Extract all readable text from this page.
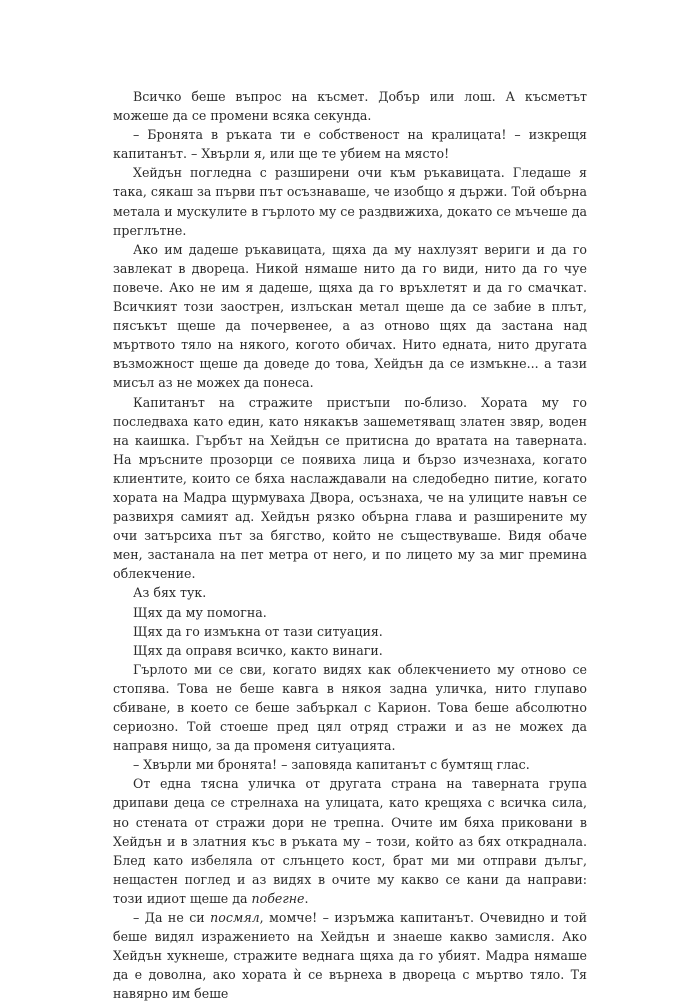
Всичко беше въпрос на късмет. Добър или лош. А късметът можеше да се промени всяка секунда.

– Бронята в ръката ти е собственост на кралицата! – изкрещя капитанът. – Хвърли я, или ще те убием на място!

Хейдън погледна с разширени очи към ръкавицата. Гледаше я така, сякаш за първи път осъзнаваше, че изобщо я държи. Той обърна метала и мускулите в гърлото му се раздвижиха, докато се мъчеше да преглътне.

Ако им дадеше ръкавицата, щяха да му нахлузят вериги и да го завлекат в двореца. Никой нямаше нито да го види, нито да го чуе повече. Ако не им я дадеше, щяха да го връхлетят и да го смачкат. Всичкият този заострен, излъскан метал щеше да се забие в плът, пясъкът щеше да почервенее, а аз отново щях да застана над мъртвото тяло на някого, когото обичах. Нито едната, нито другата възможност щеше да доведе до това, Хейдън да се измъкне... а тази мисъл аз не можех да понеса.

Капитанът на стражите пристъпи по-близо. Хората му го последваха като един, като някакъв зашеметяващ златен звяр, воден на каишка. Гърбът на Хейдън се притисна до вратата на таверната. На мръсните прозорци се появиха лица и бързо изчезнаха, когато клиентите, които се бяха наслаждавали на следобедно питие, когато хората на Мадра щурмуваха Двора, осъзнаха, че на улиците навън се развихря самият ад. Хейдън рязко обърна глава и разширените му очи затърсиха път за бягство, който не съществуваше. Видя обаче мен, застанала на пет метра от него, и по лицето му за миг премина облекчение.

Аз бях тук.

Щях да му помогна.

Щях да го измъкна от тази ситуация.

Щях да оправя всичко, както винаги.

Гърлото ми се сви, когато видях как облекчението му отново се стопява. Това не беше кавга в някоя задна уличка, нито глупаво сбиване, в което се беше забъркал с Карион. Това беше абсолютно сериозно. Той стоеше пред цял отряд стражи и аз не можех да направя нищо, за да променя ситуацията.

– Хвърли ми бронята! – заповяда капитанът с бумтящ глас.

От една тясна уличка от другата страна на таверната група дрипави деца се стрелнаха на улицата, като крещяха с всичка сила, но стената от стражи дори не трепна. Очите им бяха приковани в Хейдън и в златния къс в ръката му – този, който аз бях откраднала. Блед като избеляла от слънцето кост, брат ми ми отправи дълъг, нещастен поглед и аз видях в очите му какво се кани да направи: този идиот щеше да побегне.

– Да не си посмял, момче! – изръмжа капитанът. Очевидно и той беше видял изражението на Хейдън и знаеше какво замисля. Ако Хейдън хукнеше, стражите веднага щяха да го убият. Мадра нямаше да е доволна, ако хората ѝ се върнеха в двореца с мъртво тяло. Тя навярно им беше
